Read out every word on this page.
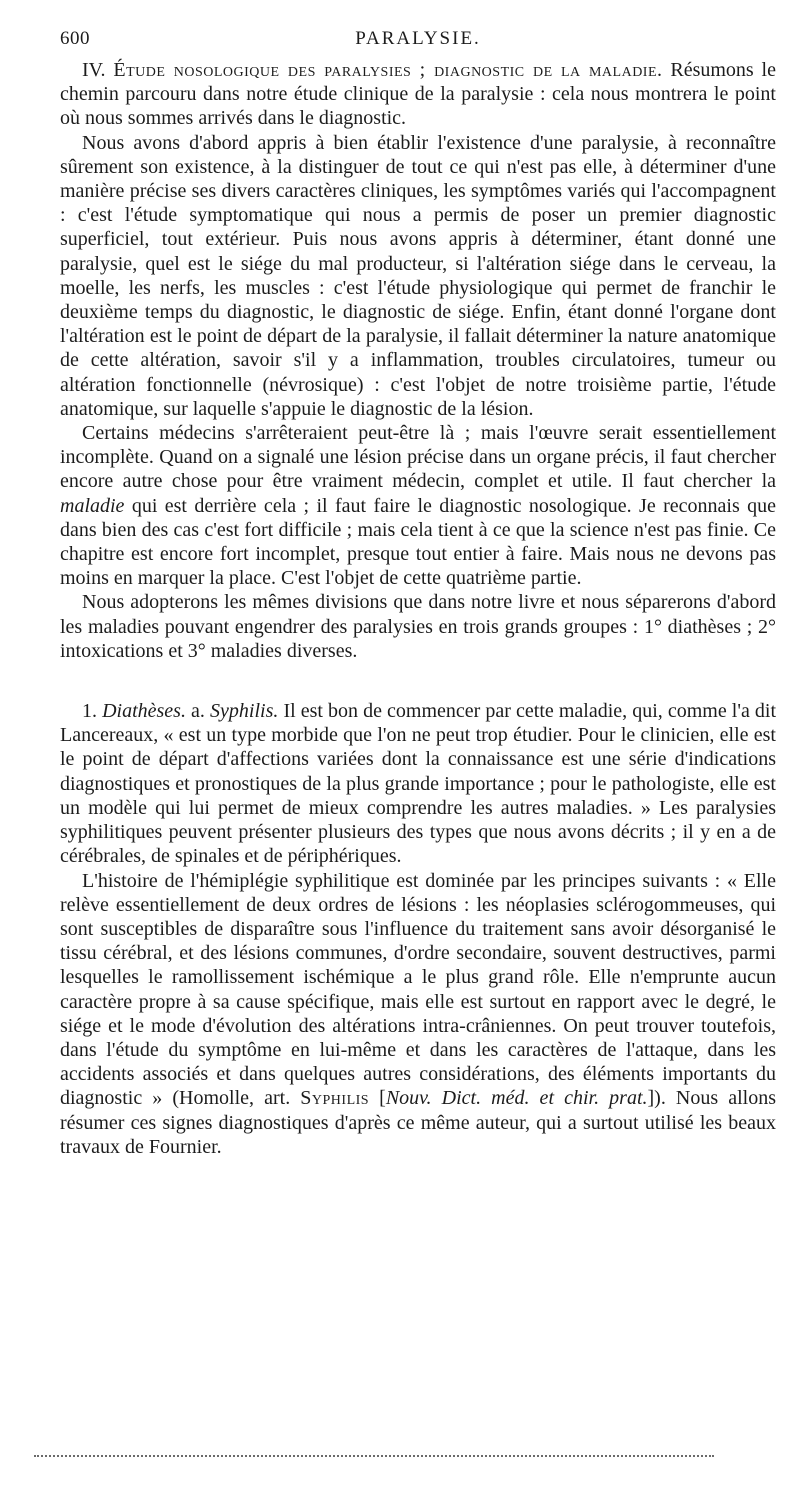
600	PARALYSIE.

IV. Étude nosologique des paralysies ; diagnostic de la maladie. Résumons le chemin parcouru dans notre étude clinique de la paralysie : cela nous montrera le point où nous sommes arrivés dans le diagnostic.

Nous avons d'abord appris à bien établir l'existence d'une paralysie, à reconnaître sûrement son existence, à la distinguer de tout ce qui n'est pas elle, à déterminer d'une manière précise ses divers caractères cliniques, les symptômes variés qui l'accompagnent : c'est l'étude symptomatique qui nous a permis de poser un premier diagnostic superficiel, tout extérieur. Puis nous avons appris à déterminer, étant donné une paralysie, quel est le siége du mal producteur, si l'altération siége dans le cerveau, la moelle, les nerfs, les muscles : c'est l'étude physiologique qui permet de franchir le deuxième temps du diagnostic, le diagnostic de siége. Enfin, étant donné l'organe dont l'altération est le point de départ de la paralysie, il fallait déterminer la nature anatomique de cette altération, savoir s'il y a inflammation, troubles circulatoires, tumeur ou altération fonctionnelle (névrosique) : c'est l'objet de notre troisième partie, l'étude anatomique, sur laquelle s'appuie le diagnostic de la lésion.

Certains médecins s'arrêteraient peut-être là ; mais l'œuvre serait essentiellement incomplète. Quand on a signalé une lésion précise dans un organe précis, il faut chercher encore autre chose pour être vraiment médecin, complet et utile. Il faut chercher la maladie qui est derrière cela ; il faut faire le diagnostic nosologique. Je reconnais que dans bien des cas c'est fort difficile ; mais cela tient à ce que la science n'est pas finie. Ce chapitre est encore fort incomplet, presque tout entier à faire. Mais nous ne devons pas moins en marquer la place. C'est l'objet de cette quatrième partie.

Nous adopterons les mêmes divisions que dans notre livre et nous séparerons d'abord les maladies pouvant engendrer des paralysies en trois grands groupes : 1° diathèses ; 2° intoxications et 3° maladies diverses.

1. Diathèses. a. Syphilis. Il est bon de commencer par cette maladie, qui, comme l'a dit Lancereaux, « est un type morbide que l'on ne peut trop étudier. Pour le clinicien, elle est le point de départ d'affections variées dont la connaissance est une série d'indications diagnostiques et pronostiques de la plus grande importance ; pour le pathologiste, elle est un modèle qui lui permet de mieux comprendre les autres maladies. » Les paralysies syphilitiques peuvent présenter plusieurs des types que nous avons décrits ; il y en a de cérébrales, de spinales et de périphériques.

L'histoire de l'hémiplégie syphilitique est dominée par les principes suivants : « Elle relève essentiellement de deux ordres de lésions : les néoplasies sclérogommeuses, qui sont susceptibles de disparaître sous l'influence du traitement sans avoir désorganisé le tissu cérébral, et des lésions communes, d'ordre secondaire, souvent destructives, parmi lesquelles le ramollissement ischémique a le plus grand rôle. Elle n'emprunte aucun caractère propre à sa cause spécifique, mais elle est surtout en rapport avec le degré, le siége et le mode d'évolution des altérations intra-crâniennes. On peut trouver toutefois, dans l'étude du symptôme en lui-même et dans les caractères de l'attaque, dans les accidents associés et dans quelques autres considérations, des éléments importants du diagnostic » (Homolle, art. Syphilis [Nouv. Dict. méd. et chir. prat.]). Nous allons résumer ces signes diagnostiques d'après ce même auteur, qui a surtout utilisé les beaux travaux de Fournier.
